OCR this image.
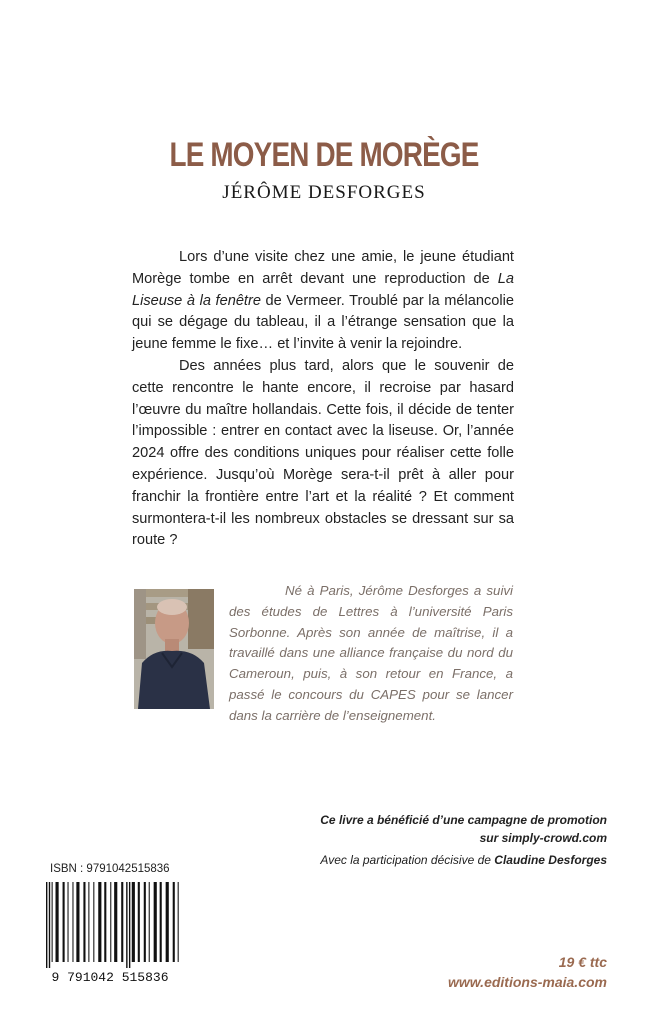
LE MOYEN DE MORÈGE
JÉRÔME DESFORGES

Lors d’une visite chez une amie, le jeune étudiant Morège tombe en arrêt devant une reproduction de La Liseuse à la fenêtre de Vermeer. Troublé par la mélancolie qui se dégage du tableau, il a l’étrange sensation que la jeune femme le fixe… et l’invite à venir la rejoindre.

Des années plus tard, alors que le souvenir de cette rencontre le hante encore, il recroise par hasard l’œuvre du maître hollandais. Cette fois, il décide de tenter l’impossible : entrer en contact avec la liseuse. Or, l’année 2024 offre des conditions uniques pour réaliser cette folle expérience. Jusqu’où Morège sera-t-il prêt à aller pour franchir la frontière entre l’art et la réalité ? Et comment surmontera-t-il les nombreux obstacles se dressant sur sa route ?

Né à Paris, Jérôme Desforges a suivi des études de Lettres à l’université Paris Sorbonne. Après son année de maîtrise, il a travaillé dans une alliance française du nord du Cameroun, puis, à son retour en France, a passé le concours du CAPES pour se lancer dans la carrière de l’enseignement.

Ce livre a bénéficié d’une campagne de promotion
sur simply-crowd.com
Avec la participation décisive de Claudine Desforges
ISBN : 9791042515836
9 791042 515836
19 € ttc
www.editions-maia.com
